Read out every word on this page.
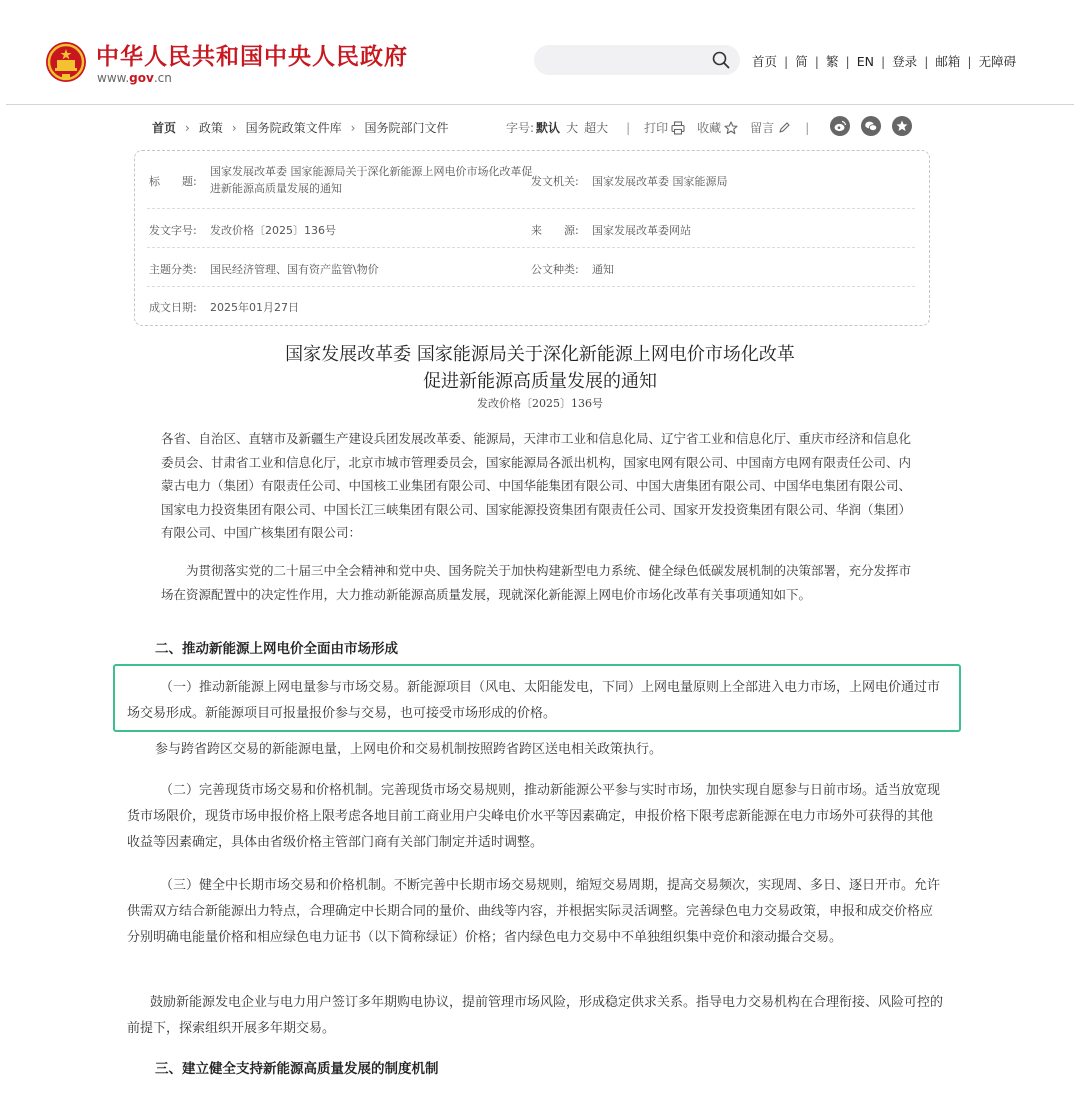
中华人民共和国中央人民政府
www.gov.cn
首页 | 简 | 繁 | EN | 登录 | 邮箱 | 无障碍
首页 › 政策 › 国务院政策文件库 › 国务院部门文件	字号: 默认 大 超大 | 打印 收藏 留言	|
标　　题:
国家发展改革委 国家能源局关于深化新能源上网电价市场化改革促进新能源高质量发展的通知
发文机关: 国家发展改革委 国家能源局
发文字号: 发改价格〔2025〕136号	来　　源: 国家发展改革委网站
主题分类: 国民经济管理、国有资产监管\物价	公文种类: 通知
成文日期: 2025年01月27日
国家发展改革委 国家能源局关于深化新能源上网电价市场化改革
促进新能源高质量发展的通知
发改价格〔2025〕136号
各省、自治区、直辖市及新疆生产建设兵团发展改革委、能源局，天津市工业和信息化局、辽宁省工业和信息化厅、重庆市经济和信息化委员会、甘肃省工业和信息化厅，北京市城市管理委员会，国家能源局各派出机构，国家电网有限公司、中国南方电网有限责任公司、内蒙古电力（集团）有限责任公司、中国核工业集团有限公司、中国华能集团有限公司、中国大唐集团有限公司、中国华电集团有限公司、国家电力投资集团有限公司、中国长江三峡集团有限公司、国家能源投资集团有限责任公司、国家开发投资集团有限公司、华润（集团）有限公司、中国广核集团有限公司：
为贯彻落实党的二十届三中全会精神和党中央、国务院关于加快构建新型电力系统、健全绿色低碳发展机制的决策部署，充分发挥市场在资源配置中的决定性作用，大力推动新能源高质量发展，现就深化新能源上网电价市场化改革有关事项通知如下。
二、推动新能源上网电价全面由市场形成
（一）推动新能源上网电量参与市场交易。新能源项目（风电、太阳能发电，下同）上网电量原则上全部进入电力市场，上网电价通过市场交易形成。新能源项目可报量报价参与交易，也可接受市场形成的价格。
参与跨省跨区交易的新能源电量，上网电价和交易机制按照跨省跨区送电相关政策执行。
（二）完善现货市场交易和价格机制。完善现货市场交易规则，推动新能源公平参与实时市场，加快实现自愿参与日前市场。适当放宽现货市场限价，现货市场申报价格上限考虑各地目前工商业用户尖峰电价水平等因素确定，申报价格下限考虑新能源在电力市场外可获得的其他收益等因素确定，具体由省级价格主管部门商有关部门制定并适时调整。
（三）健全中长期市场交易和价格机制。不断完善中长期市场交易规则，缩短交易周期，提高交易频次，实现周、多日、逐日开市。允许供需双方结合新能源出力特点，合理确定中长期合同的量价、曲线等内容，并根据实际灵活调整。完善绿色电力交易政策，申报和成交价格应分别明确电能量价格和相应绿色电力证书（以下简称绿证）价格；省内绿色电力交易中不单独组织集中竞价和滚动撮合交易。
鼓励新能源发电企业与电力用户签订多年期购电协议，提前管理市场风险，形成稳定供求关系。指导电力交易机构在合理衔接、风险可控的前提下，探索组织开展多年期交易。
三、建立健全支持新能源高质量发展的制度机制
